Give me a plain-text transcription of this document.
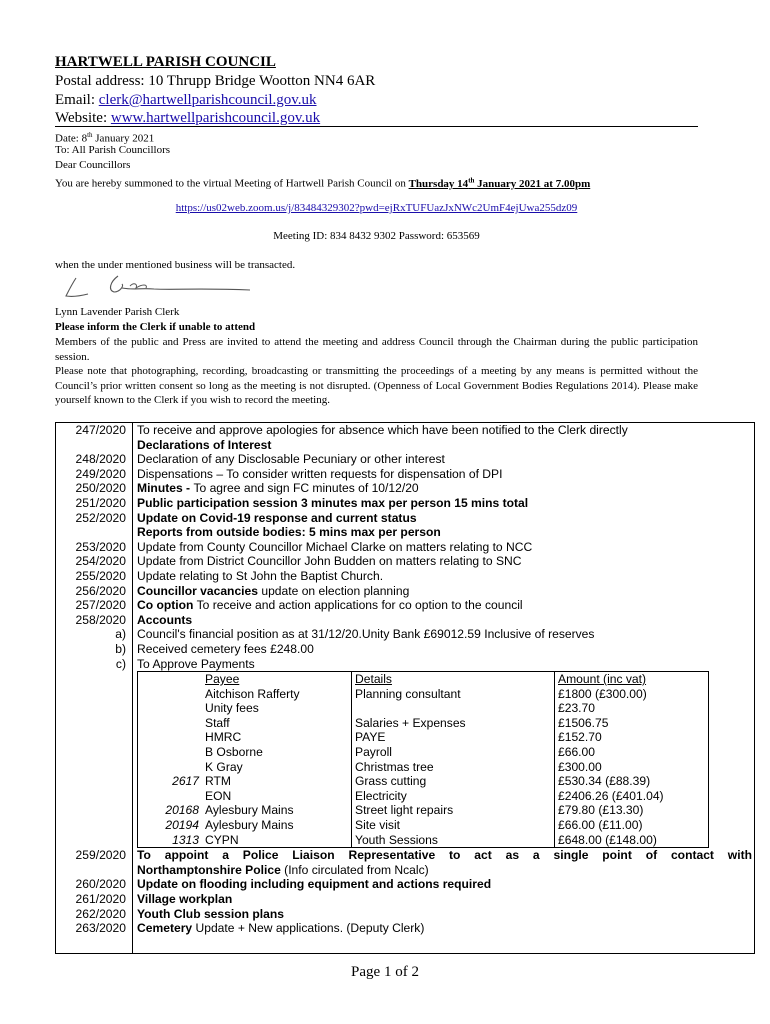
HARTWELL PARISH COUNCIL
Postal address: 10 Thrupp Bridge Wootton NN4 6AR
Email: clerk@hartwellparishcouncil.gov.uk
Website: www.hartwellparishcouncil.gov.uk
Date: 8th January 2021
To: All Parish Councillors
Dear Councillors
You are hereby summoned to the virtual Meeting of Hartwell Parish Council on Thursday 14th January 2021 at 7.00pm
https://us02web.zoom.us/j/83484329302?pwd=ejRxTUFUazJxNWc2UmF4ejUwa255dz09
Meeting ID: 834 8432 9302 Password: 653569
when the under mentioned business will be transacted.
Lynn Lavender Parish Clerk
Please inform the Clerk if unable to attend
Members of the public and Press are invited to attend the meeting and address Council through the Chairman during the public participation session.
Please note that photographing, recording, broadcasting or transmitting the proceedings of a meeting by any means is permitted without the Council’s prior written consent so long as the meeting is not disrupted. (Openness of Local Government Bodies Regulations 2014). Please make yourself known to the Clerk if you wish to record the meeting.
247/2020	To receive and approve apologies for absence which have been notified to the Clerk directly
	Declarations of Interest
248/2020	Declaration of any Disclosable Pecuniary or other interest
249/2020	Dispensations – To consider written requests for dispensation of DPI
250/2020	Minutes - To agree and sign FC minutes of 10/12/20
251/2020	Public participation session 3 minutes max per person 15 mins total
252/2020	Update on Covid-19 response and current status
	Reports from outside bodies: 5 mins max per person
253/2020	Update from County Councillor Michael Clarke on matters relating to NCC
254/2020	Update from District Councillor John Budden on matters relating to SNC
255/2020	Update relating to St John the Baptist Church.
256/2020	Councillor vacancies update on election planning
257/2020	Co option To receive and action applications for co option to the council
258/2020	Accounts
a)	Council's financial position as at 31/12/20.Unity Bank £69012.59 Inclusive of reserves
b)	Received cemetery fees £248.00
c)	To Approve Payments
	Payee	Details	Amount (inc vat)
	Aitchison Rafferty	Planning consultant	£1800 (£300.00)
	Unity fees		£23.70
	Staff	Salaries + Expenses	£1506.75
	HMRC	PAYE	£152.70
	B Osborne	Payroll	£66.00
	K Gray	Christmas tree	£300.00
2617	RTM	Grass cutting	£530.34 (£88.39)
	EON	Electricity	£2406.26 (£401.04)
20168	Aylesbury Mains	Street light repairs	£79.80 (£13.30)
20194	Aylesbury Mains	Site visit	£66.00 (£11.00)
1313	CYPN	Youth Sessions	£648.00 (£148.00)

259/2020	To appoint a Police Liaison Representative to act as a single point of contact with
Northamptonshire Police (Info circulated from Ncalc)

260/2020	Update on flooding including equipment and actions required
261/2020	Village workplan
262/2020	Youth Club session plans
263/2020	Cemetery Update + New applications. (Deputy Clerk)
Page 1 of 2
